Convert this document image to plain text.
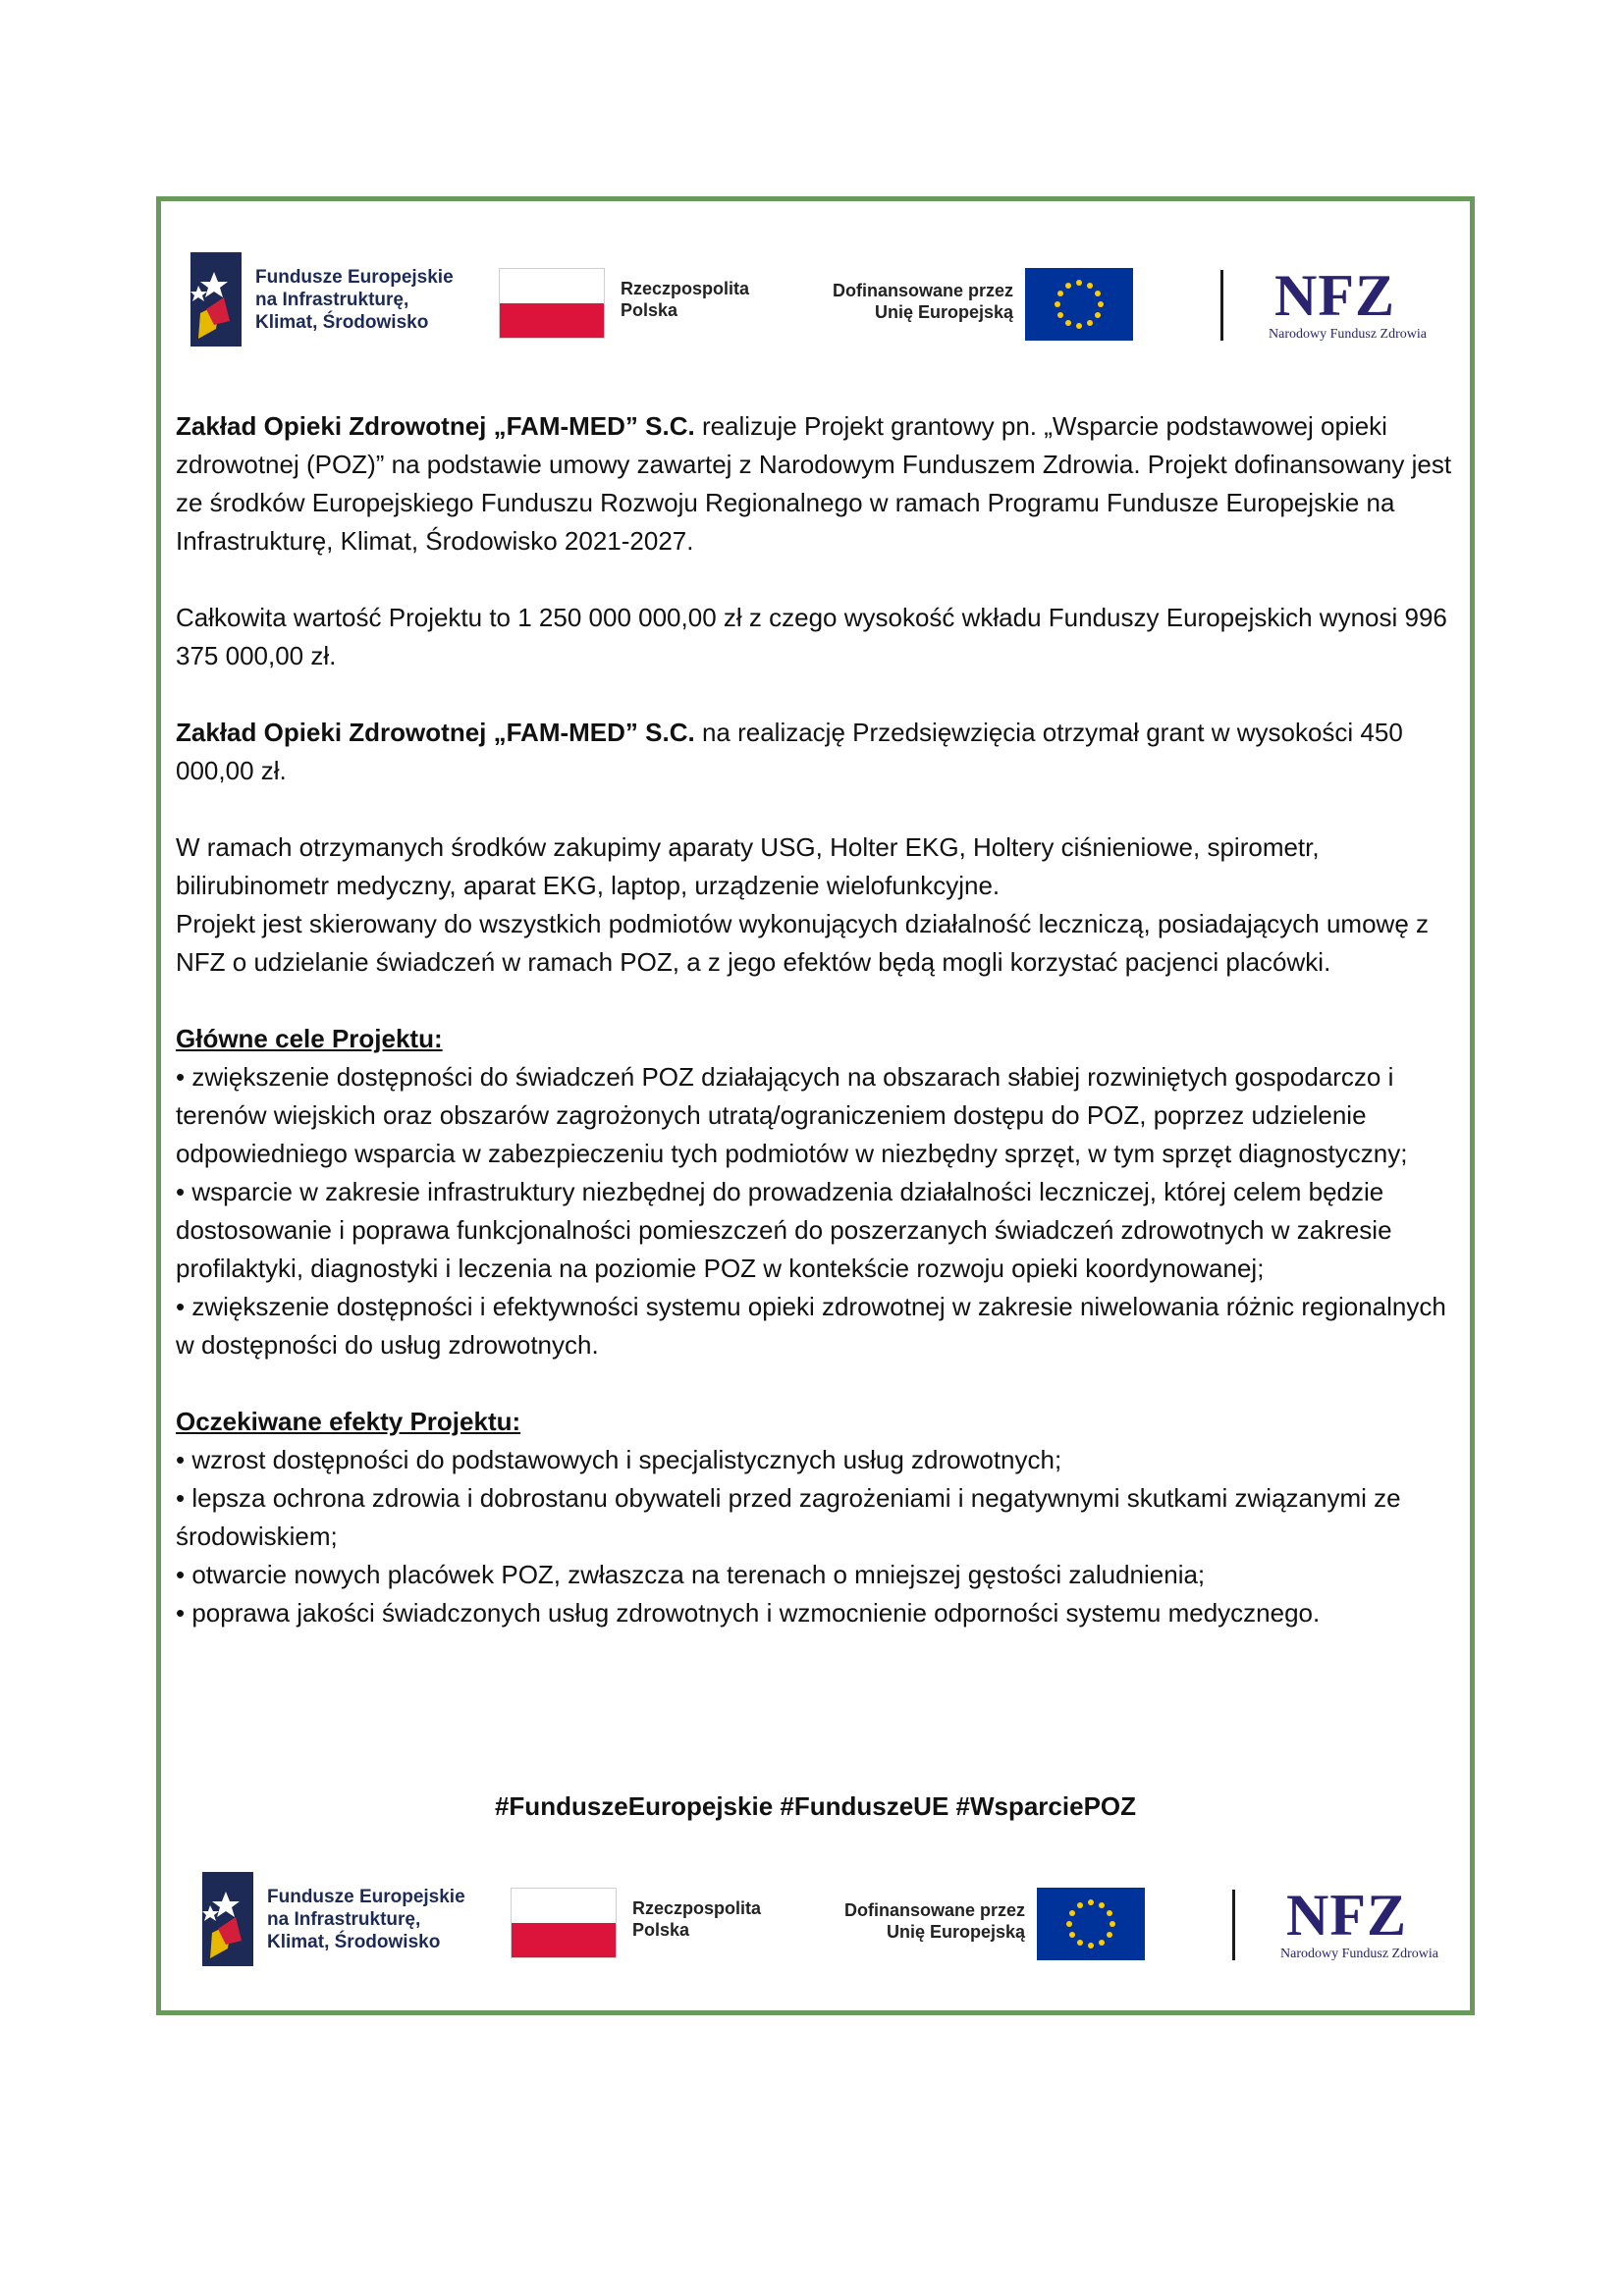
Fundusze Europejskie
na Infrastrukturę,
Klimat, Środowisko
Rzeczpospolita
Polska
Dofinansowane przez
Unię Europejską	NFZ
Narodowy Fundusz Zdrowia

Zakład Opieki Zdrowotnej „FAM-MED” S.C. realizuje Projekt grantowy pn. „Wsparcie podstawowej opieki zdrowotnej (POZ)” na podstawie umowy zawartej z Narodowym Funduszem Zdrowia. Projekt dofinansowany jest ze środków Europejskiego Funduszu Rozwoju Regionalnego w ramach Programu Fundusze Europejskie na Infrastrukturę, Klimat, Środowisko 2021-2027.

Całkowita wartość Projektu to 1 250 000 000,00 zł z czego wysokość wkładu Funduszy Europejskich wynosi 996 375 000,00 zł.

Zakład Opieki Zdrowotnej „FAM-MED” S.C. na realizację Przedsięwzięcia otrzymał grant w wysokości 450 000,00 zł.

W ramach otrzymanych środków zakupimy aparaty USG, Holter EKG, Holtery ciśnieniowe, spirometr, bilirubinometr medyczny, aparat EKG, laptop, urządzenie wielofunkcyjne.

Projekt jest skierowany do wszystkich podmiotów wykonujących działalność leczniczą, posiadających umowę z NFZ o udzielanie świadczeń w ramach POZ, a z jego efektów będą mogli korzystać pacjenci placówki.

Główne cele Projektu:

• zwiększenie dostępności do świadczeń POZ działających na obszarach słabiej rozwiniętych gospodarczo i terenów wiejskich oraz obszarów zagrożonych utratą/ograniczeniem dostępu do POZ, poprzez udzielenie odpowiedniego wsparcia w zabezpieczeniu tych podmiotów w niezbędny sprzęt, w tym sprzęt diagnostyczny;

• wsparcie w zakresie infrastruktury niezbędnej do prowadzenia działalności leczniczej, której celem będzie dostosowanie i poprawa funkcjonalności pomieszczeń do poszerzanych świadczeń zdrowotnych w zakresie profilaktyki, diagnostyki i leczenia na poziomie POZ w kontekście rozwoju opieki koordynowanej;

• zwiększenie dostępności i efektywności systemu opieki zdrowotnej w zakresie niwelowania różnic regionalnych w dostępności do usług zdrowotnych.

Oczekiwane efekty Projektu:

• wzrost dostępności do podstawowych i specjalistycznych usług zdrowotnych;

• lepsza ochrona zdrowia i dobrostanu obywateli przed zagrożeniami i negatywnymi skutkami związanymi ze środowiskiem;

• otwarcie nowych placówek POZ, zwłaszcza na terenach o mniejszej gęstości zaludnienia;

• poprawa jakości świadczonych usług zdrowotnych i wzmocnienie odporności systemu medycznego.

#FunduszeEuropejskie #FunduszeUE #WsparciePOZ
Fundusze Europejskie
na Infrastrukturę,
Klimat, Środowisko
Rzeczpospolita
Polska
Dofinansowane przez
Unię Europejską	NFZ
Narodowy Fundusz Zdrowia
